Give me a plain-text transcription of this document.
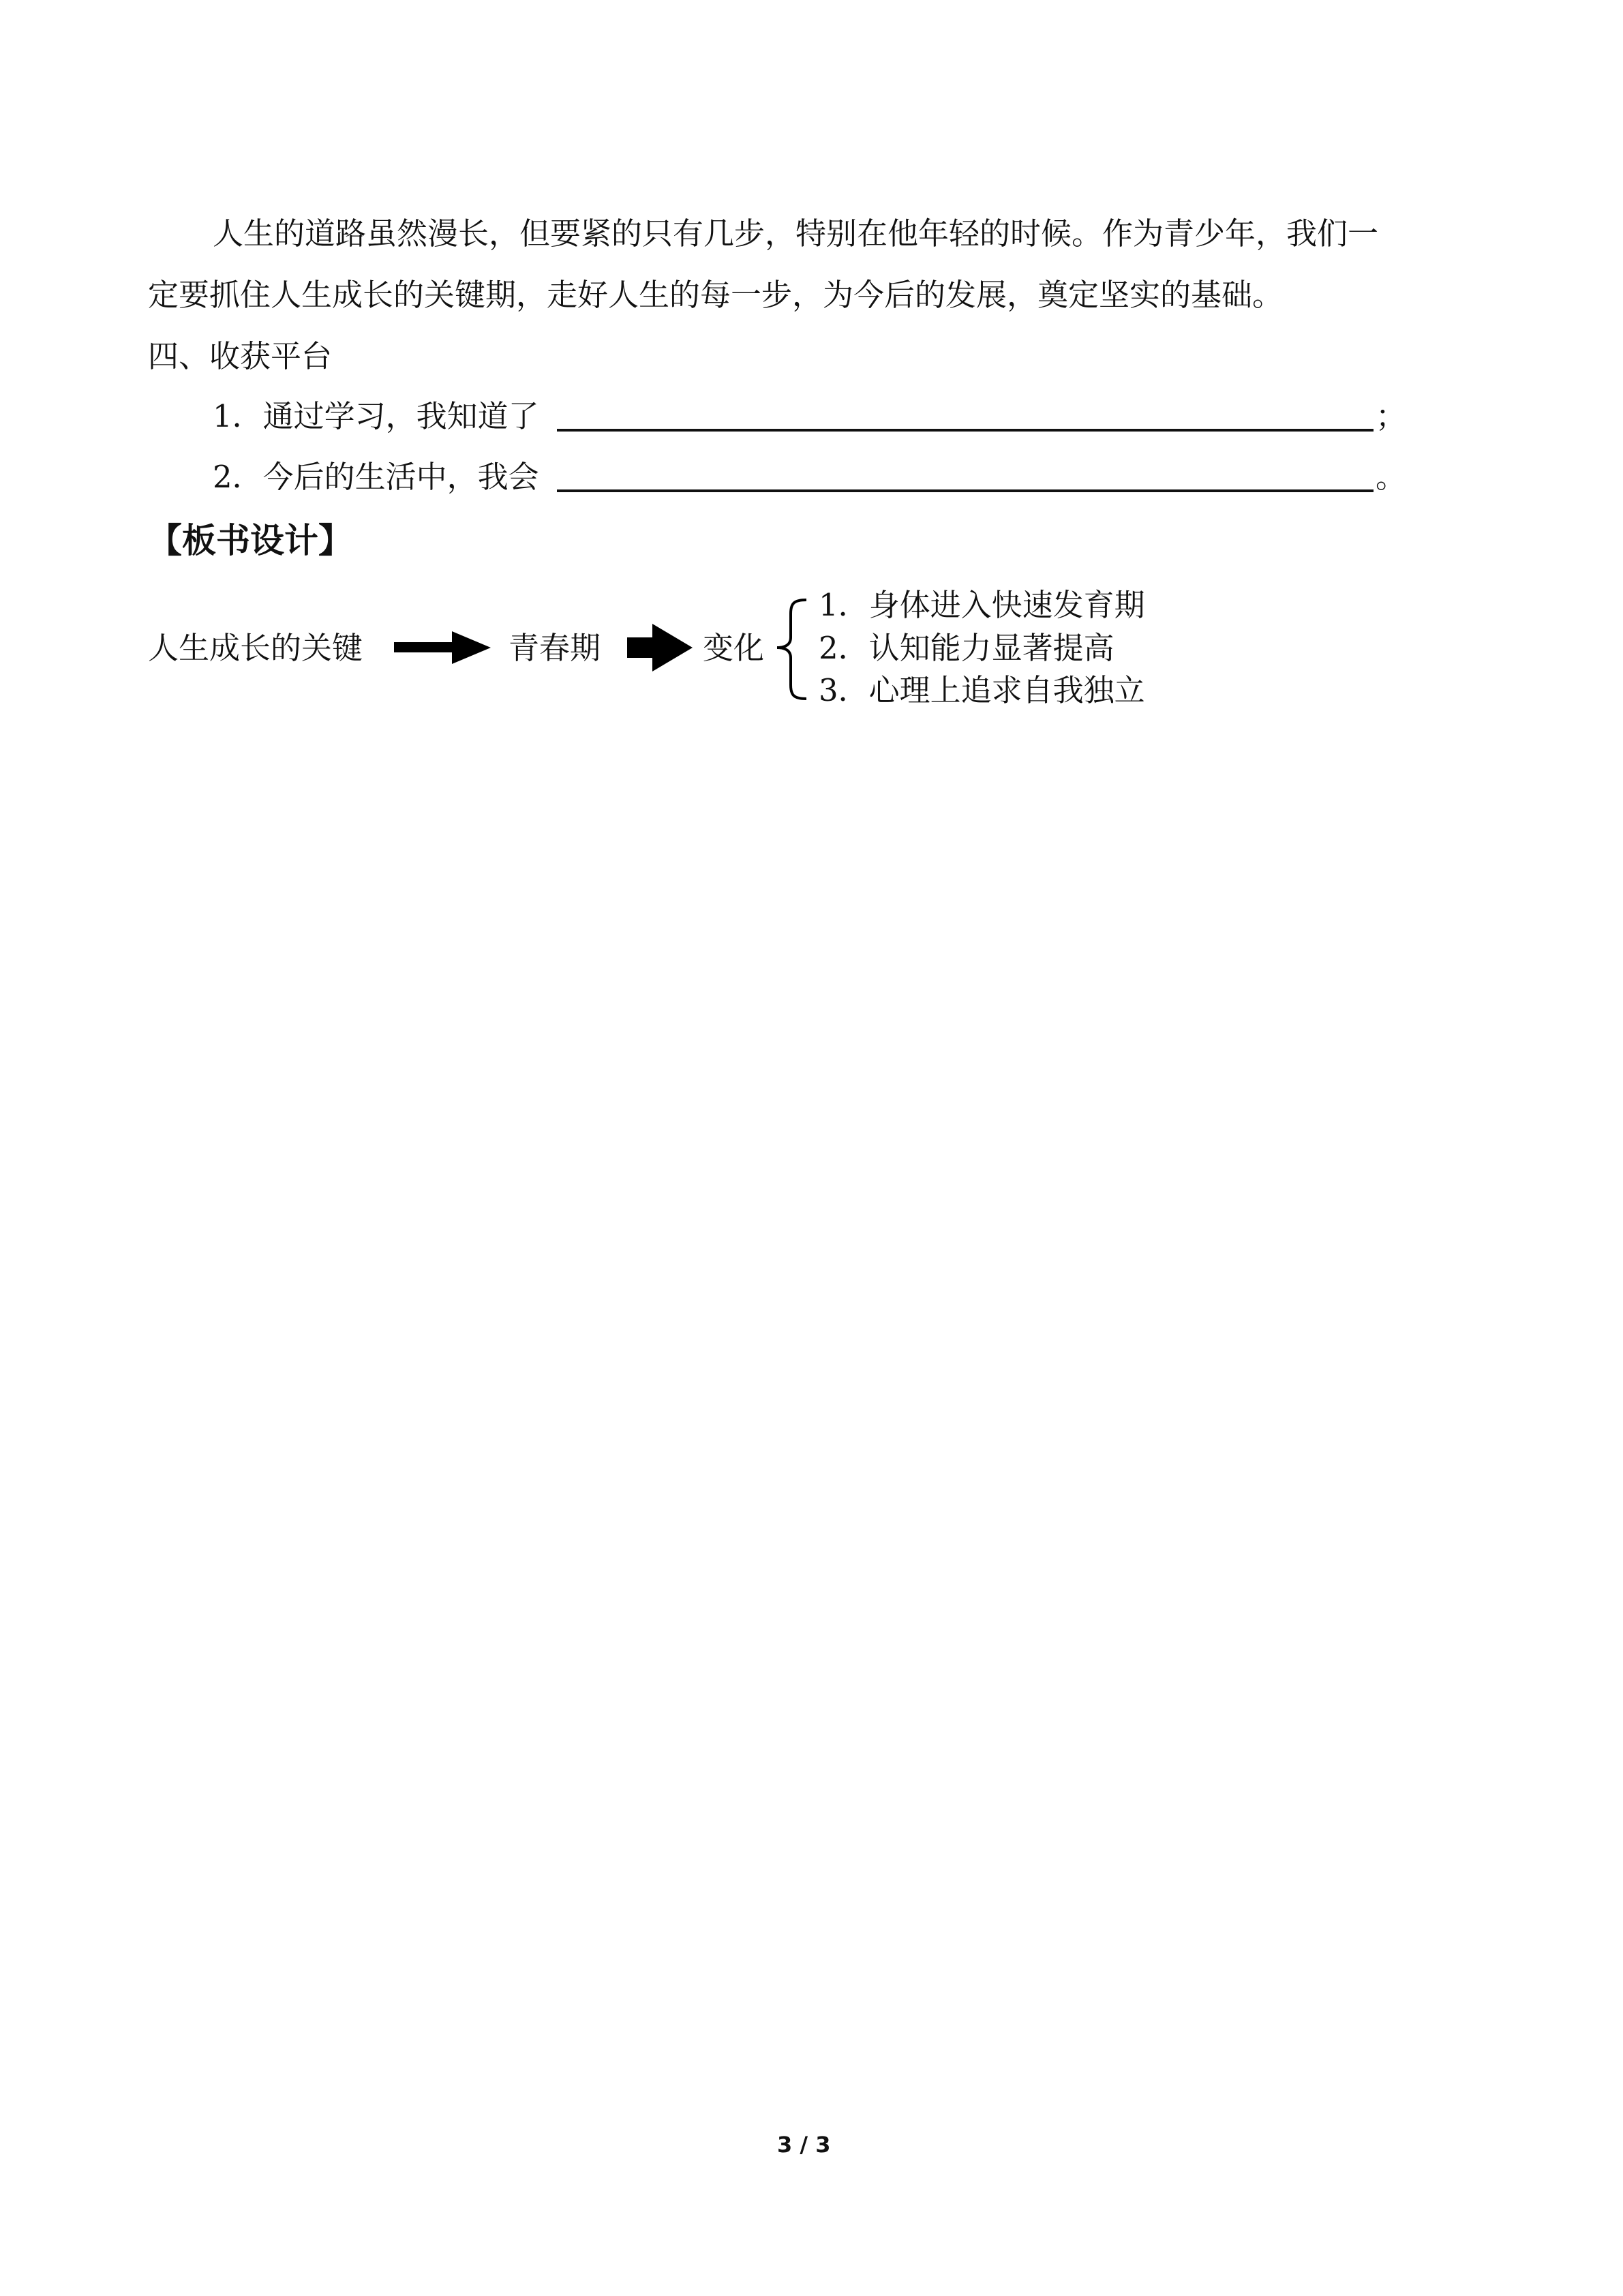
人生的道路虽然漫长，但要紧的只有几步，特别在他年轻的时候。作为青少年，我们一
定要抓住人生成长的关键期，走好人生的每一步，为今后的发展，奠定坚实的基础。
四、收获平台
1．通过学习，我知道了	；
2．今后的生活中，我会	。
【板书设计】
人生成长的关键	青春期	变化
1．身体进入快速发育期
2．认知能力显著提高
3．心理上追求自我独立
3 / 3
